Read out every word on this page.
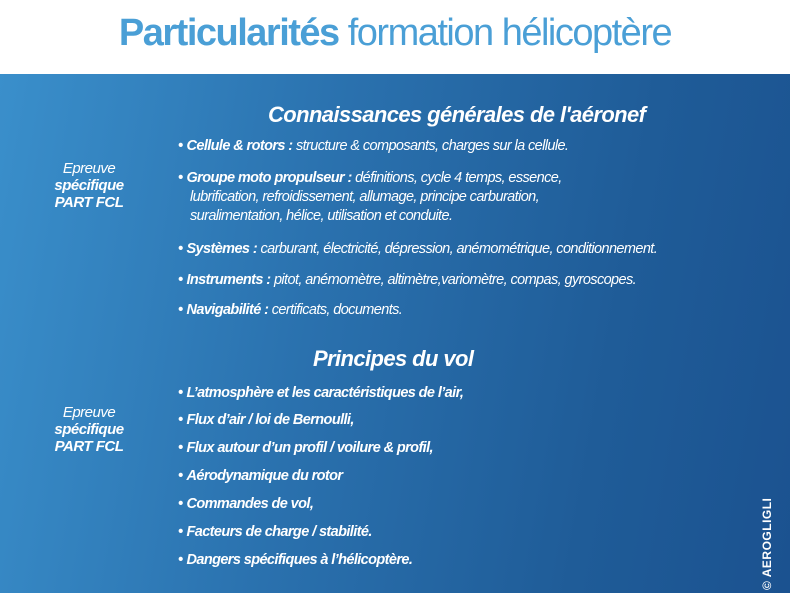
Particularités formation hélicoptère
Connaissances générales de l'aéronef
Epreuve
spécifique
PART FCL
• Cellule & rotors : structure & composants, charges sur la cellule.
• Groupe moto propulseur : définitions, cycle 4 temps, essence,
lubrification, refroidissement, allumage, principe carburation,
suralimentation, hélice, utilisation et conduite.
• Systèmes : carburant, électricité, dépression, anémométrique, conditionnement.
• Instruments : pitot, anémomètre, altimètre,variomètre, compas, gyroscopes.
• Navigabilité : certificats, documents.
Principes du vol
Epreuve
spécifique
PART FCL
• L’atmosphère et les caractéristiques de l’air,
• Flux d’air / loi de Bernoulli,
• Flux autour d’un profil / voilure & profil,
• Aérodynamique du rotor
• Commandes de vol,
• Facteurs de charge / stabilité.
• Dangers spécifiques à l’hélicoptère.	© AEROGLIGLI
